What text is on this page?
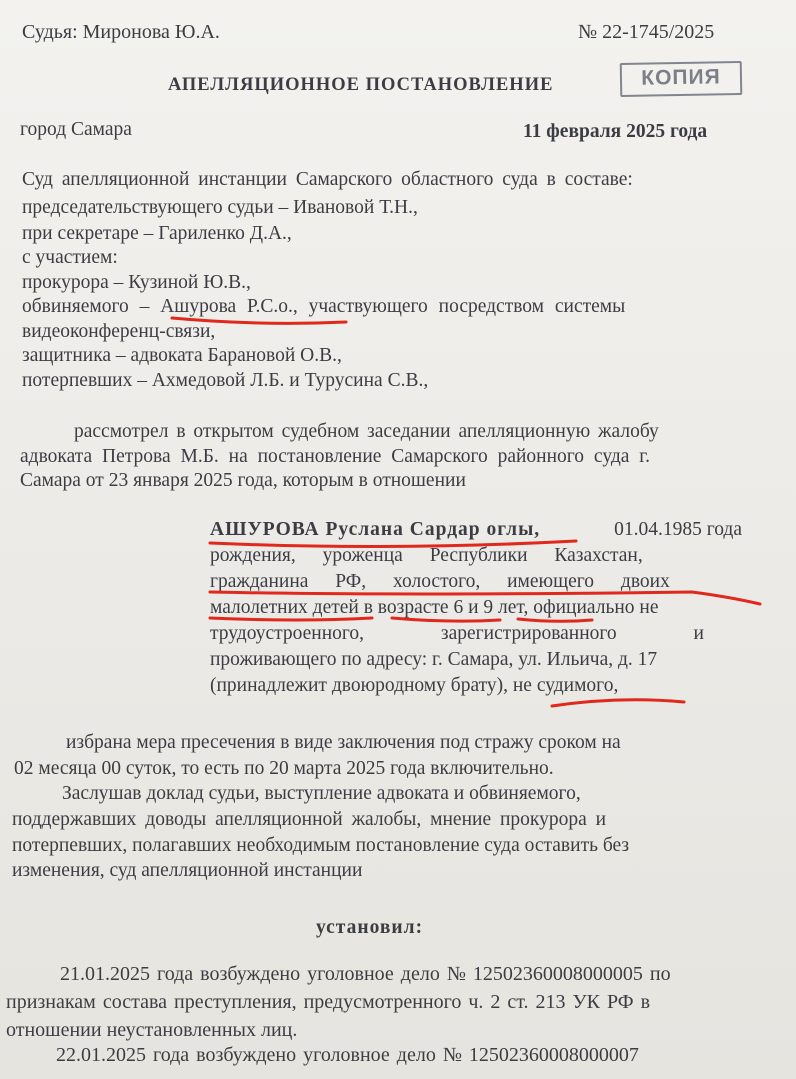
Судья: Миронова Ю.А.	№ 22-1745/2025
КОПИЯ
АПЕЛЛЯЦИОННОЕ ПОСТАНОВЛЕНИЕ
город Самара	11 февраля 2025 года
Суд апелляционной инстанции Самарского областного суда в составе:
председательствующего судьи – Ивановой Т.Н.,
при секретаре – Гариленко Д.А.,
с участием:
прокурора – Кузиной Ю.В.,
обвиняемого – Ашурова Р.С.о., участвующего посредством системы
видеоконференц-связи,
защитника – адвоката Барановой О.В.,
потерпевших – Ахмедовой Л.Б. и Турусина С.В.,
рассмотрел в открытом судебном заседании апелляционную жалобу
адвоката Петрова М.Б. на постановление Самарского районного суда г.
Самара от 23 января 2025 года, которым в отношении
АШУРОВА Руслана Сардар оглы,	01.04.1985 года
рождения, уроженца Республики Казахстан,
гражданина РФ, холостого, имеющего двоих
малолетних детей в возрасте 6 и 9 лет, официально не
трудоустроенного, зарегистрированного и
проживающего по адресу: г. Самара, ул. Ильича, д. 17
(принадлежит двоюродному брату), не судимого,
избрана мера пресечения в виде заключения под стражу сроком на
02 месяца 00 суток, то есть по 20 марта 2025 года включительно.
Заслушав доклад судьи, выступление адвоката и обвиняемого,
поддержавших доводы апелляционной жалобы, мнение прокурора и
потерпевших, полагавших необходимым постановление суда оставить без
изменения, суд апелляционной инстанции
установил:
21.01.2025 года возбуждено уголовное дело № 12502360008000005 по
признакам состава преступления, предусмотренного ч. 2 ст. 213 УК РФ в
отношении неустановленных лиц.
22.01.2025 года возбуждено уголовное дело № 12502360008000007
